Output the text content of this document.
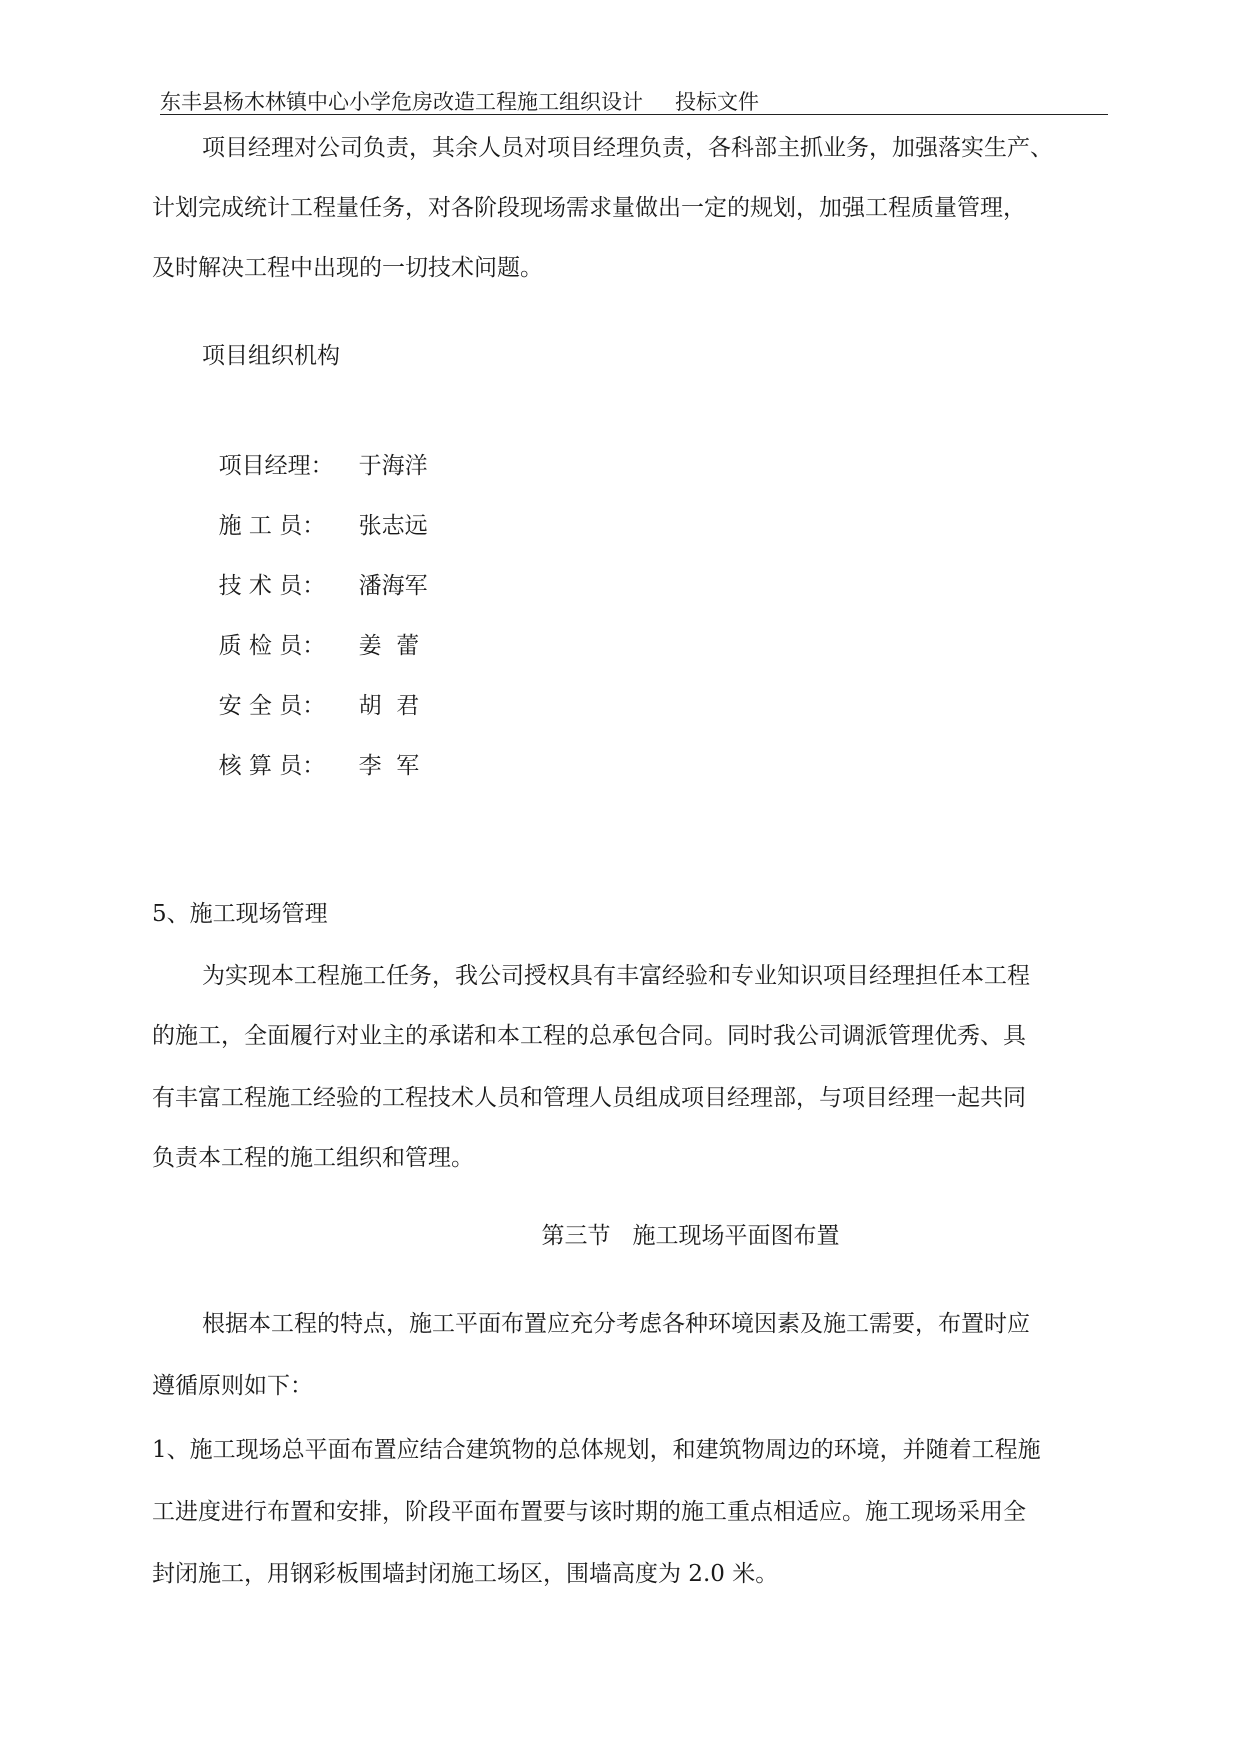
东丰县杨木林镇中心小学危房改造工程施工组织设计 投标文件
项目经理对公司负责，其余人员对项目经理负责，各科部主抓业务，加强落实生产、
计划完成统计工程量任务，对各阶段现场需求量做出一定的规划，加强工程质量管理，
及时解决工程中出现的一切技术问题。
项目组织机构

项目经理： 于海洋

施 工 员： 张志远

技 术 员： 潘海军

质 检 员： 姜  蕾

安 全 员： 胡  君

核 算 员： 李  军

5、施工现场管理
为实现本工程施工任务，我公司授权具有丰富经验和专业知识项目经理担任本工程
的施工，全面履行对业主的承诺和本工程的总承包合同。同时我公司调派管理优秀、具
有丰富工程施工经验的工程技术人员和管理人员组成项目经理部，与项目经理一起共同
负责本工程的施工组织和管理。
第三节   施工现场平面图布置
根据本工程的特点，施工平面布置应充分考虑各种环境因素及施工需要，布置时应
遵循原则如下：
1、施工现场总平面布置应结合建筑物的总体规划，和建筑物周边的环境，并随着工程施
工进度进行布置和安排，阶段平面布置要与该时期的施工重点相适应。施工现场采用全
封闭施工，用钢彩板围墙封闭施工场区，围墙高度为 2.0 米。
